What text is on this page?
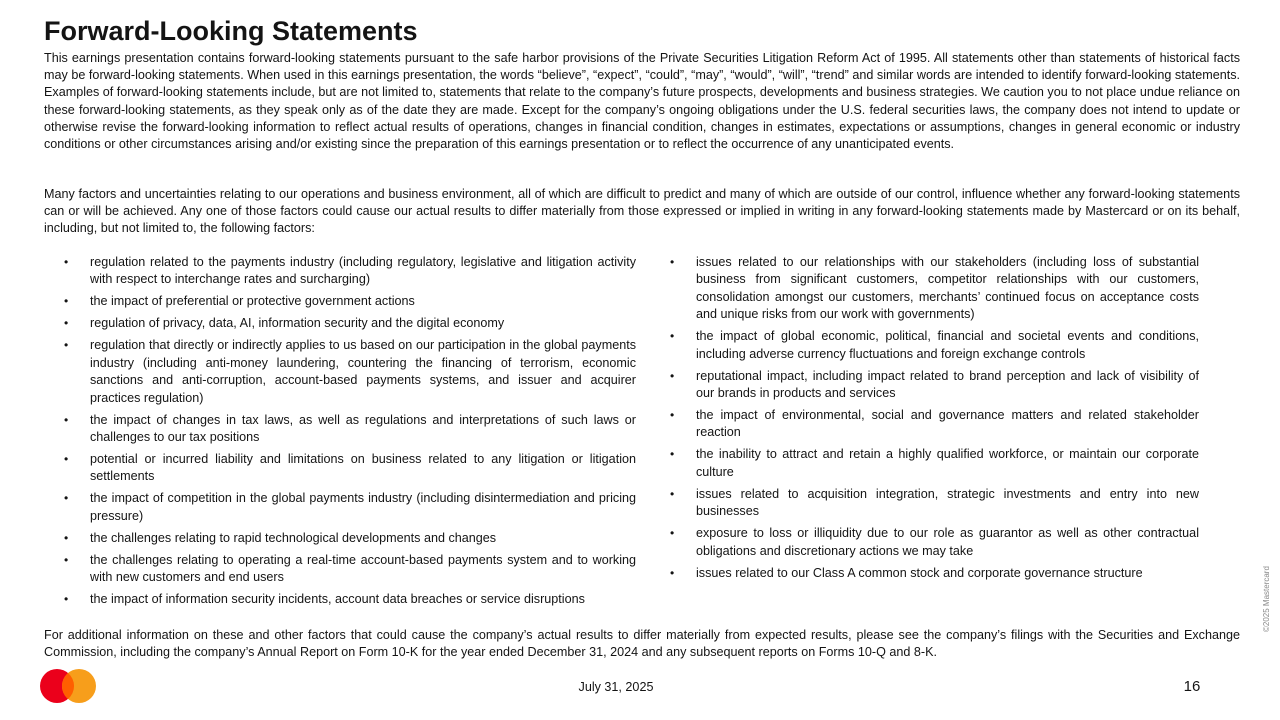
Forward-Looking Statements

This earnings presentation contains forward-looking statements pursuant to the safe harbor provisions of the Private Securities Litigation Reform Act of 1995. All statements other than statements of historical facts may be forward-looking statements. When used in this earnings presentation, the words “believe”, “expect”, “could”, “may”, “would”, “will”, “trend” and similar words are intended to identify forward-looking statements. Examples of forward-looking statements include, but are not limited to, statements that relate to the company’s future prospects, developments and business strategies. We caution you to not place undue reliance on these forward-looking statements, as they speak only as of the date they are made. Except for the company’s ongoing obligations under the U.S. federal securities laws, the company does not intend to update or otherwise revise the forward-looking information to reflect actual results of operations, changes in financial condition, changes in estimates, expectations or assumptions, changes in general economic or industry conditions or other circumstances arising and/or existing since the preparation of this earnings presentation or to reflect the occurrence of any unanticipated events.

Many factors and uncertainties relating to our operations and business environment, all of which are difficult to predict and many of which are outside of our control, influence whether any forward-looking statements can or will be achieved. Any one of those factors could cause our actual results to differ materially from those expressed or implied in writing in any forward-looking statements made by Mastercard or on its behalf, including, but not limited to, the following factors:

• regulation related to the payments industry (including regulatory, legislative and litigation activity with respect to interchange rates and surcharging)
• the impact of preferential or protective government actions
• regulation of privacy, data, AI, information security and the digital economy
• regulation that directly or indirectly applies to us based on our participation in the global payments industry (including anti-money laundering, countering the financing of terrorism, economic sanctions and anti-corruption, account-based payments systems, and issuer and acquirer practices regulation)
• the impact of changes in tax laws, as well as regulations and interpretations of such laws or challenges to our tax positions
• potential or incurred liability and limitations on business related to any litigation or litigation settlements
• the impact of competition in the global payments industry (including disintermediation and pricing pressure)
• the challenges relating to rapid technological developments and changes
• the challenges relating to operating a real-time account-based payments system and to working with new customers and end users
• the impact of information security incidents, account data breaches or service disruptions
• issues related to our relationships with our stakeholders (including loss of substantial business from significant customers, competitor relationships with our customers, consolidation amongst our customers, merchants’ continued focus on acceptance costs and unique risks from our work with governments)
• the impact of global economic, political, financial and societal events and conditions, including adverse currency fluctuations and foreign exchange controls
• reputational impact, including impact related to brand perception and lack of visibility of our brands in products and services
• the impact of environmental, social and governance matters and related stakeholder reaction
• the inability to attract and retain a highly qualified workforce, or maintain our corporate culture
• issues related to acquisition integration, strategic investments and entry into new businesses
• exposure to loss or illiquidity due to our role as guarantor as well as other contractual obligations and discretionary actions we may take
• issues related to our Class A common stock and corporate governance structure

For additional information on these and other factors that could cause the company’s actual results to differ materially from expected results, please see the company’s filings with the Securities and Exchange Commission, including the company’s Annual Report on Form 10-K for the year ended December 31, 2024 and any subsequent reports on Forms 10-Q and 8-K.

July 31, 2025	16
©2025 Mastercard
